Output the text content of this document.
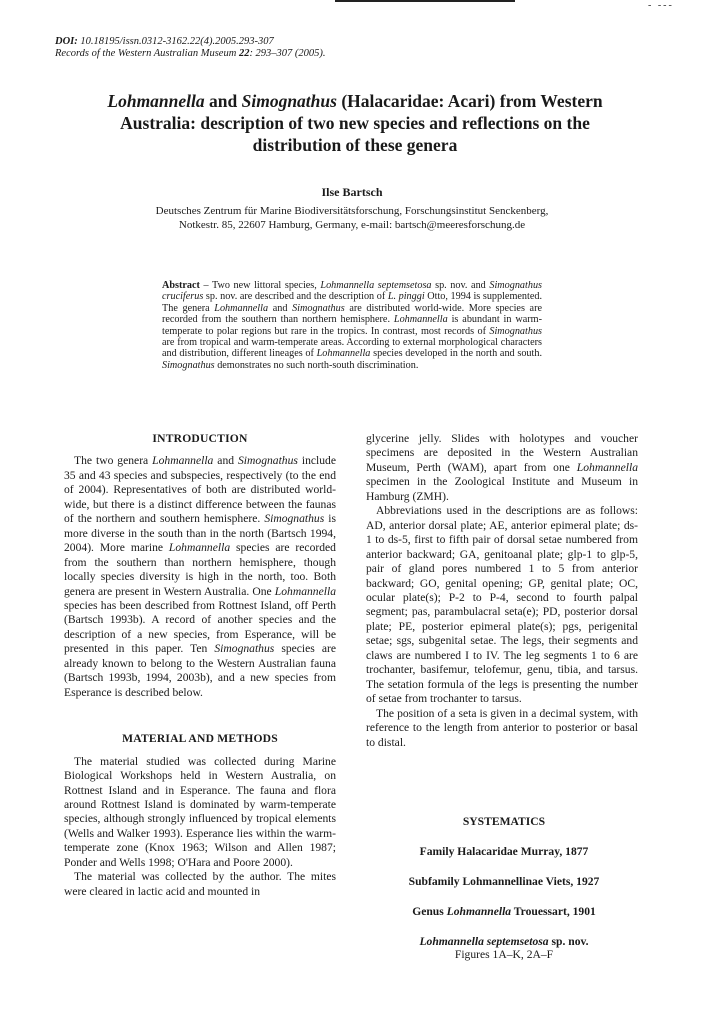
- ---
DOI: 10.18195/issn.0312-3162.22(4).2005.293-307
Records of the Western Australian Museum 22: 293–307 (2005).
Lohmannella and Simognathus (Halacaridae: Acari) from Western Australia: description of two new species and reflections on the distribution of these genera
Ilse Bartsch
Deutsches Zentrum für Marine Biodiversitätsforschung, Forschungsinstitut Senckenberg,
Notkestr. 85, 22607 Hamburg, Germany, e-mail: bartsch@meeresforschung.de

Abstract – Two new littoral species, Lohmannella septemsetosa sp. nov. and Simognathus cruciferus sp. nov. are described and the description of L. pinggi Otto, 1994 is supplemented. The genera Lohmannella and Simognathus are distributed world-wide. More species are recorded from the southern than northern hemisphere. Lohmannella is abundant in warm-temperate to polar regions but rare in the tropics. In contrast, most records of Simognathus are from tropical and warm-temperate areas. According to external morphological characters and distribution, different lineages of Lohmannella species developed in the north and south. Simognathus demonstrates no such north-south discrimination.

INTRODUCTION

The two genera Lohmannella and Simognathus include 35 and 43 species and subspecies, respectively (to the end of 2004). Representatives of both are distributed world-wide, but there is a distinct difference between the faunas of the northern and southern hemisphere. Simognathus is more diverse in the south than in the north (Bartsch 1994, 2004). More marine Lohmannella species are recorded from the southern than northern hemisphere, though locally species diversity is high in the north, too. Both genera are present in Western Australia. One Lohmannella species has been described from Rottnest Island, off Perth (Bartsch 1993b). A record of another species and the description of a new species, from Esperance, will be presented in this paper. Ten Simognathus species are already known to belong to the Western Australian fauna (Bartsch 1993b, 1994, 2003b), and a new species from Esperance is described below.

MATERIAL AND METHODS

The material studied was collected during Marine Biological Workshops held in Western Australia, on Rottnest Island and in Esperance. The fauna and flora around Rottnest Island is dominated by warm-temperate species, although strongly influenced by tropical elements (Wells and Walker 1993). Esperance lies within the warm-temperate zone (Knox 1963; Wilson and Allen 1987; Ponder and Wells 1998; O'Hara and Poore 2000).

The material was collected by the author. The mites were cleared in lactic acid and mounted in

glycerine jelly. Slides with holotypes and voucher specimens are deposited in the Western Australian Museum, Perth (WAM), apart from one Lohmannella specimen in the Zoological Institute and Museum in Hamburg (ZMH).

Abbreviations used in the descriptions are as follows: AD, anterior dorsal plate; AE, anterior epimeral plate; ds-1 to ds-5, first to fifth pair of dorsal setae numbered from anterior backward; GA, genitoanal plate; glp-1 to glp-5, pair of gland pores numbered 1 to 5 from anterior backward; GO, genital opening; GP, genital plate; OC, ocular plate(s); P-2 to P-4, second to fourth palpal segment; pas, parambulacral seta(e); PD, posterior dorsal plate; PE, posterior epimeral plate(s); pgs, perigenital setae; sgs, subgenital setae. The legs, their segments and claws are numbered I to IV. The leg segments 1 to 6 are trochanter, basifemur, telofemur, genu, tibia, and tarsus. The setation formula of the legs is presenting the number of setae from trochanter to tarsus.

The position of a seta is given in a decimal system, with reference to the length from anterior to posterior or basal to distal.

SYSTEMATICS
Family Halacaridae Murray, 1877
Subfamily Lohmannellinae Viets, 1927
Genus Lohmannella Trouessart, 1901
Lohmannella septemsetosa sp. nov.
Figures 1A–K, 2A–F
